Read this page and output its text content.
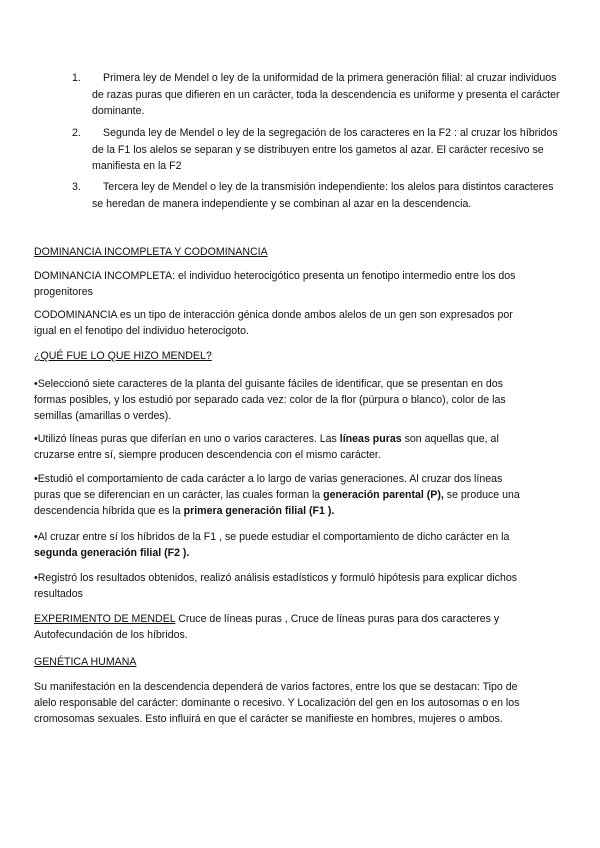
1.	Primera ley de Mendel o ley de la uniformidad de la primera generación filial: al cruzar individuos de razas puras que difieren en un carácter, toda la descendencia es uniforme y presenta el carácter dominante.
2.	Segunda ley de Mendel o ley de la segregación de los caracteres en la F2 : al cruzar los híbridos de la F1 los alelos se separan y se distribuyen entre los gametos al azar. El carácter recesivo se manifiesta en la F2
3.	Tercera ley de Mendel o ley de la transmisión independiente: los alelos para distintos caracteres se heredan de manera independiente y se combinan al azar en la descendencia.
DOMINANCIA INCOMPLETA Y CODOMINANCIA
DOMINANCIA INCOMPLETA: el individuo heterocigótico presenta un fenotipo intermedio entre los dos progenitores
CODOMINANCIA es un tipo de interacción génica donde ambos alelos de un gen son expresados por igual en el fenotipo del individuo heterocigoto.
¿QUÉ FUE LO QUE HIZO MENDEL?
•Seleccionó siete caracteres de la planta del guisante fáciles de identificar, que se presentan en dos formas posibles, y los estudió por separado cada vez: color de la flor (púrpura o blanco), color de las semillas (amarillas o verdes).
•Utilizó líneas puras que diferían en uno o varios caracteres. Las líneas puras son aquellas que, al cruzarse entre sí, siempre producen descendencia con el mismo carácter.
•Estudió el comportamiento de cada carácter a lo largo de varias generaciones. Al cruzar dos líneas puras que se diferencian en un carácter, las cuales forman la generación parental (P), se produce una descendencia híbrida que es la primera generación filial (F1 ).
•Al cruzar entre sí los híbridos de la F1 , se puede estudiar el comportamiento de dicho carácter en la segunda generación filial (F2 ).
•Registró los resultados obtenidos, realizó análisis estadísticos y formuló hipótesis para explicar dichos resultados
EXPERIMENTO DE MENDEL Cruce de líneas puras , Cruce de líneas puras para dos caracteres y Autofecundación de los híbridos.
GENÉTICA HUMANA
Su manifestación en la descendencia dependerá de varios factores, entre los que se destacan: Tipo de alelo responsable del carácter: dominante o recesivo. Y Localización del gen en los autosomas o en los cromosomas sexuales. Esto influirá en que el carácter se manifieste en hombres, mujeres o ambos.
